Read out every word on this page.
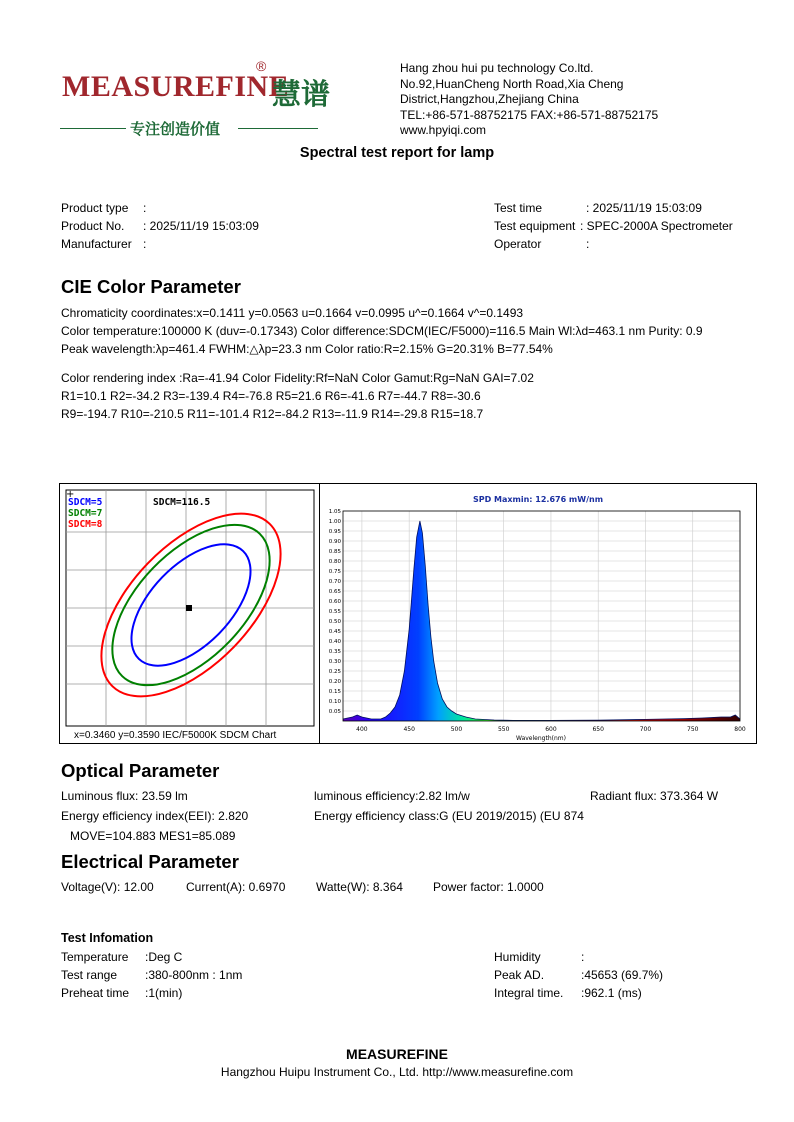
MEASUREFINE
®
慧谱
专注创造价值
Hang zhou hui pu technology Co.ltd.
No.92,HuanCheng North Road,Xia Cheng
District,Hangzhou,Zhejiang China
TEL:+86-571-88752175 FAX:+86-571-88752175
www.hpyiqi.com
Spectral test report for lamp
Product type :
Product No. : 2025/11/19 15:03:09
Manufacturer :
Test time	: 2025/11/19 15:03:09
Test equipment : SPEC-2000A Spectrometer
Operator	:
CIE Color Parameter
Chromaticity coordinates:x=0.1411 y=0.0563 u=0.1664 v=0.0995 u^=0.1664 v^=0.1493
Color temperature:100000 K (duv=-0.17343) Color difference:SDCM(IEC/F5000)=116.5 Main Wl:λd=463.1 nm Purity: 0.9
Peak wavelength:λp=461.4 FWHM:△λp=23.3 nm Color ratio:R=2.15% G=20.31% B=77.54%
Color rendering index :Ra=-41.94 Color Fidelity:Rf=NaN Color Gamut:Rg=NaN GAI=7.02
R1=10.1 R2=-34.2 R3=-139.4 R4=-76.8 R5=21.6 R6=-41.6 R7=-44.7 R8=-30.6
R9=-194.7 R10=-210.5 R11=-101.4 R12=-84.2 R13=-11.9 R14=-29.8 R15=18.7
+
SDCM=5
SDCM=7
SDCM=8
SDCM=116.5
x=0.3460 y=0.3590 IEC/F5000K SDCM Chart
SPD Maxmin: 12.676 mW/nm
0.05
0.10
0.15
0.20
0.25
0.30
0.35
0.40
0.45
0.50
0.55
0.60
0.65
0.70
0.75
0.80
0.85
0.90
0.95
1.00
1.05
400	450	500	550	600	650	700	750	800
Wavelength(nm)
Optical Parameter
Luminous flux: 23.59 lm	luminous efficiency:2.82 lm/w	Radiant flux: 373.364 W
Energy efficiency index(EEI): 2.820	Energy efficiency class:G (EU 2019/2015) (EU 874
MOVE=104.883 MES1=85.089
Electrical Parameter
Voltage(V): 12.00	Current(A): 0.6970	Watte(W): 8.364	Power factor: 1.0000
Test Infomation
Temperature :Deg C
Test range :380-800nm : 1nm
Preheat time :1(min)
Humidity	:
Peak AD.	:45653 (69.7%)
Integral time. :962.1 (ms)
MEASUREFINE
Hangzhou Huipu Instrument Co., Ltd. http://www.measurefine.com
